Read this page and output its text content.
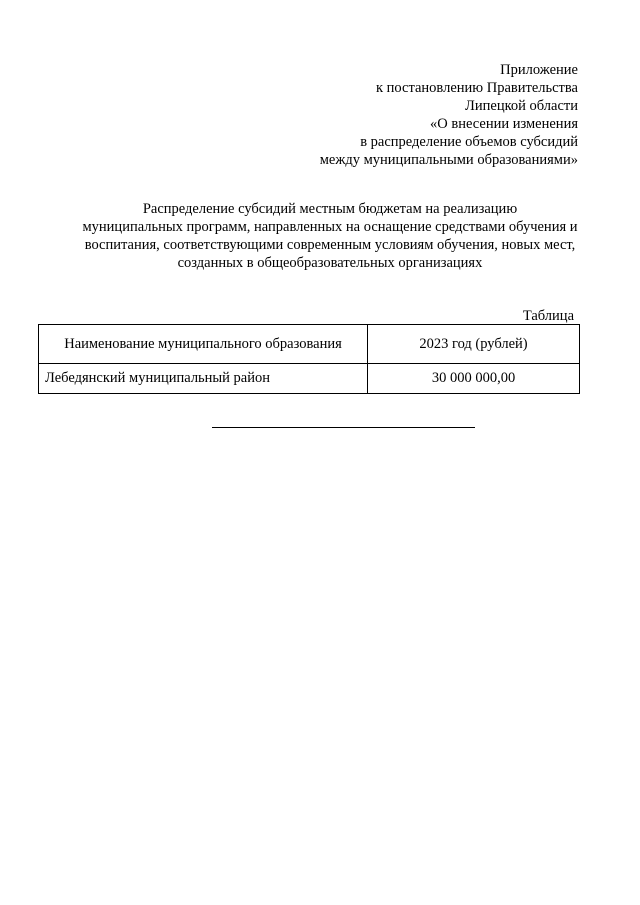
Приложение
к постановлению Правительства
Липецкой области
«О внесении изменения
в распределение объемов субсидий
между муниципальными образованиями»
Распределение субсидий местным бюджетам на реализацию
муниципальных программ, направленных на оснащение средствами обучения и
воспитания, соответствующими современным условиям обучения, новых мест,
созданных в общеобразовательных организациях
Таблица
Наименование муниципального образования	2023 год (рублей)
Лебедянский муниципальный район	30 000 000,00
